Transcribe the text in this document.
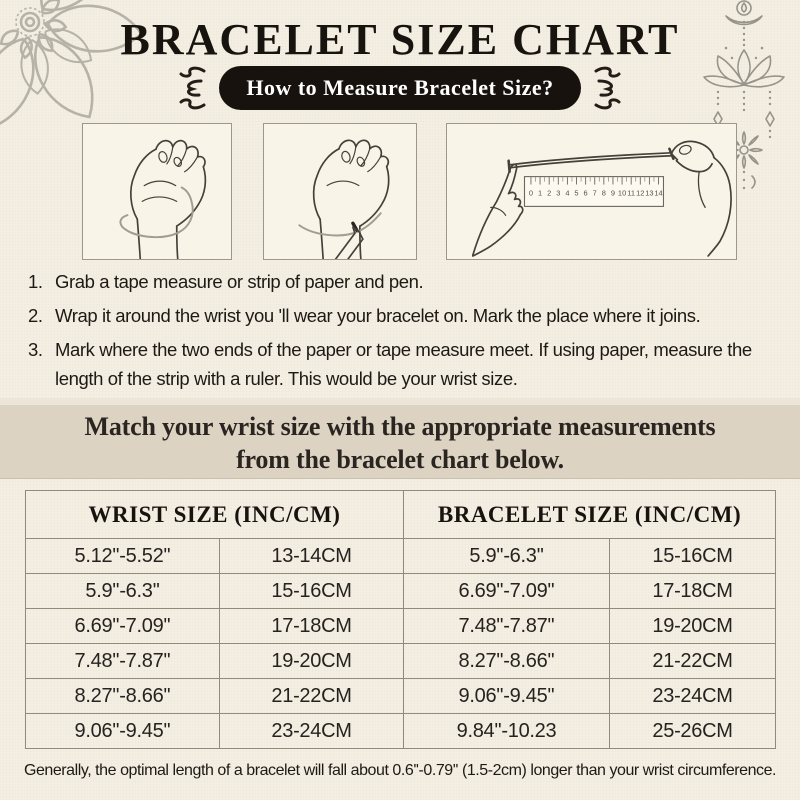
BRACELET SIZE CHART
How to Measure Bracelet Size?
0 1 2 3 4 5 6 7 8 9 10 11 12 13 14
1. Grab a tape measure or strip of paper and pen.
2. Wrap it around the wrist you 'll wear your bracelet on. Mark the place where it joins.
3. Mark where the two ends of the paper or tape measure meet. If using paper, measure the length of the strip with a ruler. This would be your wrist size.
Match your wrist size with the appropriate measurements
from the bracelet chart below.
WRIST SIZE (INC/CM)		BRACELET SIZE (INC/CM)	
5.12''-5.52''	13-14CM	5.9''-6.3''	15-16CM
5.9''-6.3''	15-16CM	6.69''-7.09''	17-18CM
6.69''-7.09''	17-18CM	7.48''-7.87''	19-20CM
7.48''-7.87''	19-20CM	8.27''-8.66''	21-22CM
8.27''-8.66''	21-22CM	9.06''-9.45''	23-24CM
9.06''-9.45''	23-24CM	9.84''-10.23	25-26CM
Generally, the optimal length of a bracelet will fall about 0.6''-0.79'' (1.5-2cm) longer than your wrist circumference.
